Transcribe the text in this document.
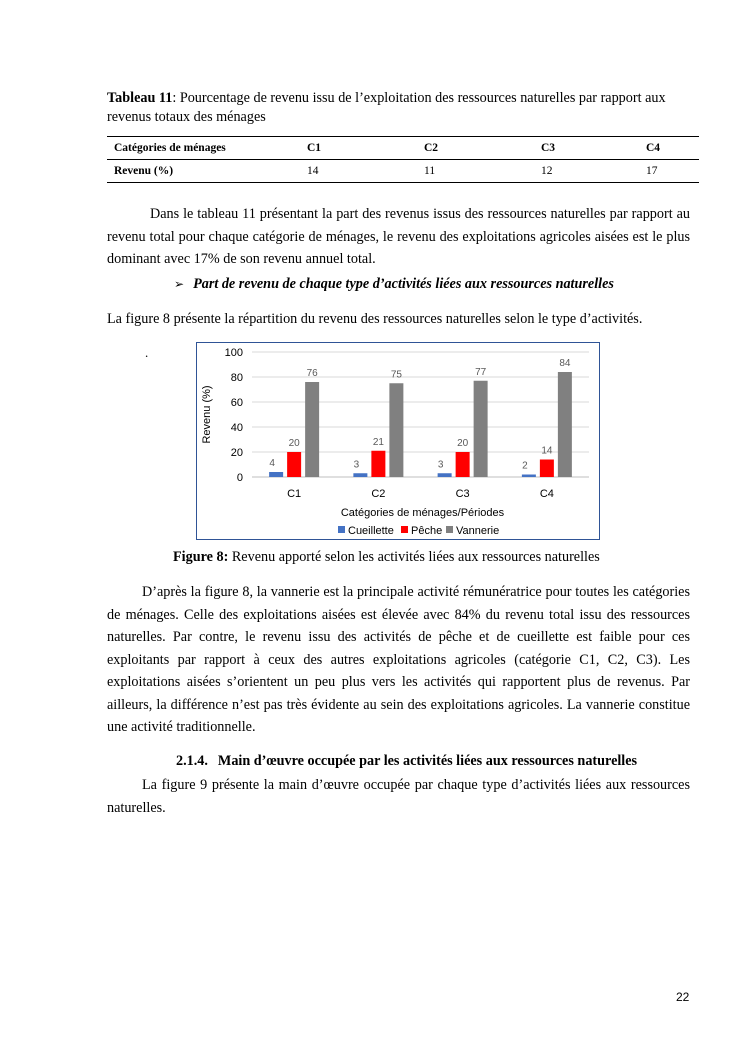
Tableau 11: Pourcentage de revenu issu de l’exploitation des ressources naturelles par rapport aux revenus totaux des ménages
Catégories de ménages	C1	C2	C3	C4
Revenu (%)	14	11	12	17
Dans le tableau 11 présentant la part des revenus issus des ressources naturelles par rapport au revenu total pour chaque catégorie de ménages, le revenu des exploitations agricoles aisées est le plus dominant avec 17% de son revenu annuel total.
➢ Part de revenu de chaque type d’activités liées aux ressources naturelles
La figure 8 présente la répartition du revenu des ressources naturelles selon le type d’activités.
.
0
20
40
60
80
100
Revenu (%)
4
20
76
C1
3
21
75
C2
3
20
77
C3
2
14
84
C4
Catégories de ménages/Périodes
Cueillette Pêche Vannerie
Figure 8: Revenu apporté selon les activités liées aux ressources naturelles
D’après la figure 8, la vannerie est la principale activité rémunératrice pour toutes les catégories de ménages. Celle des exploitations aisées est élevée avec 84% du revenu total issu des ressources naturelles. Par contre, le revenu issu des activités de pêche et de cueillette est faible pour ces exploitants par rapport à ceux des autres exploitations agricoles (catégorie C1, C2, C3). Les exploitations aisées s’orientent un peu plus vers les activités qui rapportent plus de revenus. Par ailleurs, la différence n’est pas très évidente au sein des exploitations agricoles. La vannerie constitue une activité traditionnelle.
2.1.4. Main d’œuvre occupée par les activités liées aux ressources naturelles
La figure 9 présente la main d’œuvre occupée par chaque type d’activités liées aux ressources naturelles.
22
